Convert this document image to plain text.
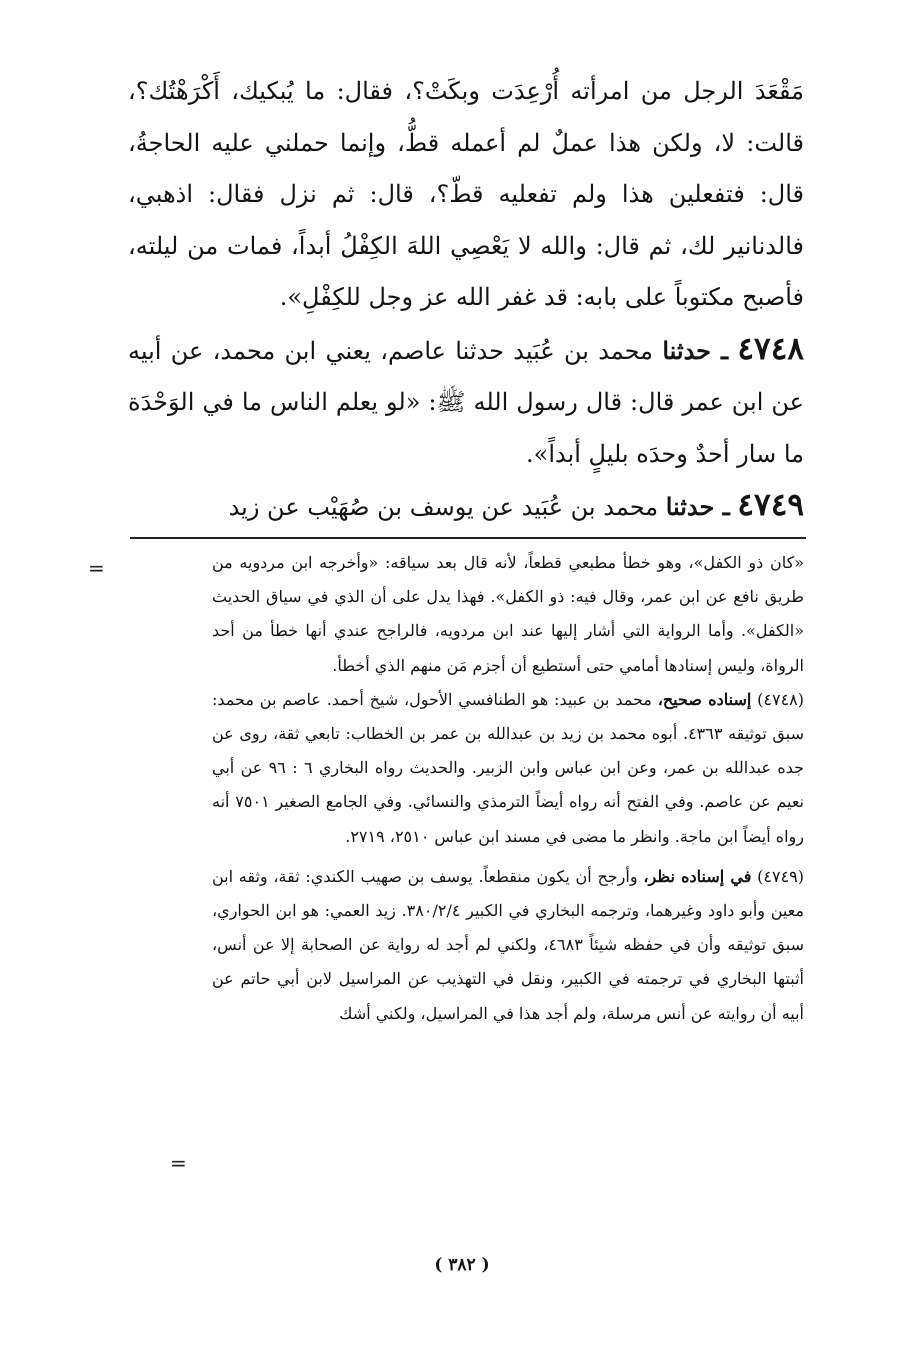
مَقْعَدَ الرجل من امرأته أُرْعِدَت وبكَتْ؟، فقال: ما يُبكيك، أَكْرَهْتُك؟، قالت: لا، ولكن هذا عملٌ لم أعمله قطُّ، وإنما حملني عليه الحاجةُ، قال: فتفعلين هذا ولم تفعليه قطّ؟، قال: ثم نزل فقال: اذهبي، فالدنانير لك، ثم قال: والله لا يَعْصِي اللهَ الكِفْلُ أبداً، فمات من ليلته، فأصبح مكتوباً على بابه: قد غفر الله عز وجل للكِفْلِ».

٤٧٤٨ ـ حدثنا محمد بن عُبَيد حدثنا عاصم، يعني ابن محمد، عن أبيه عن ابن عمر قال: قال رسول الله ﷺ: «لو يعلم الناس ما في الوَحْدَة ما سار أحدٌ وحدَه بليلٍ أبداً».

٤٧٤٩ ـ حدثنا محمد بن عُبَيد عن يوسف بن صُهَيْب عن زيد

=	«كان ذو الكفل»، وهو خطأ مطبعي قطعاً، لأنه قال بعد سياقه: «وأخرجه ابن مردويه من طريق نافع عن ابن عمر، وقال فيه: ذو الكفل». فهذا يدل على أن الذي في سياق الحديث «الكفل». وأما الرواية التي أشار إليها عند ابن مردويه، فالراجح عندي أنها خطأ من أحد الرواة، وليس إسنادها أمامي حتى أستطيع أن أجزم مَن منهم الذي أخطأ.

(٤٧٤٨) إسناده صحيح، محمد بن عبيد: هو الطنافسي الأحول، شيخ أحمد. عاصم بن محمد: سبق توثيقه ٤٣٦٣. أبوه محمد بن زيد بن عبدالله بن عمر بن الخطاب: تابعي ثقة، روى عن جده عبدالله بن عمر، وعن ابن عباس وابن الزبير. والحديث رواه البخاري ٦ : ٩٦ عن أبي نعيم عن عاصم. وفي الفتح أنه رواه أيضاً الترمذي والنسائي. وفي الجامع الصغير ٧٥٠١ أنه رواه أيضاً ابن ماجة. وانظر ما مضى في مسند ابن عباس ٢٥١٠، ٢٧١٩.

(٤٧٤٩) في إسناده نظر، وأرجح أن يكون منقطعاً. يوسف بن صهيب الكندي: ثقة، وثقه ابن معين وأبو داود وغيرهما، وترجمه البخاري في الكبير ٣٨٠/٢/٤. زيد العمي: هو ابن الحواري، سبق توثيقه وأن في حفظه شيئاً ٤٦٨٣، ولكني لم أجد له رواية عن الصحابة إلا عن أنس، أثبتها البخاري في ترجمته في الكبير، ونقل في التهذيب عن المراسيل لابن أبي حاتم عن أبيه أن روايته عن أنس مرسلة، ولم أجد هذا في المراسيل، ولكني أشك

=
( ٣٨٢ )
